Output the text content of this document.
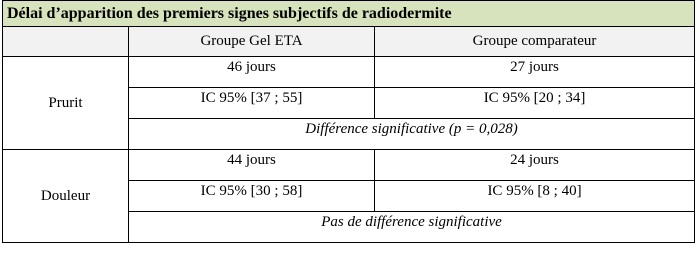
Délai d’apparition des premiers signes subjectifs de radiodermite		
	Groupe Gel ETA	Groupe comparateur
Prurit	46 jours	27 jours
	IC 95% [37 ; 55]	IC 95% [20 ; 34]
	Différence significative (p = 0,028)	
Douleur	44 jours	24 jours
	IC 95% [30 ; 58]	IC 95% [8 ; 40]
	Pas de différence significative	
